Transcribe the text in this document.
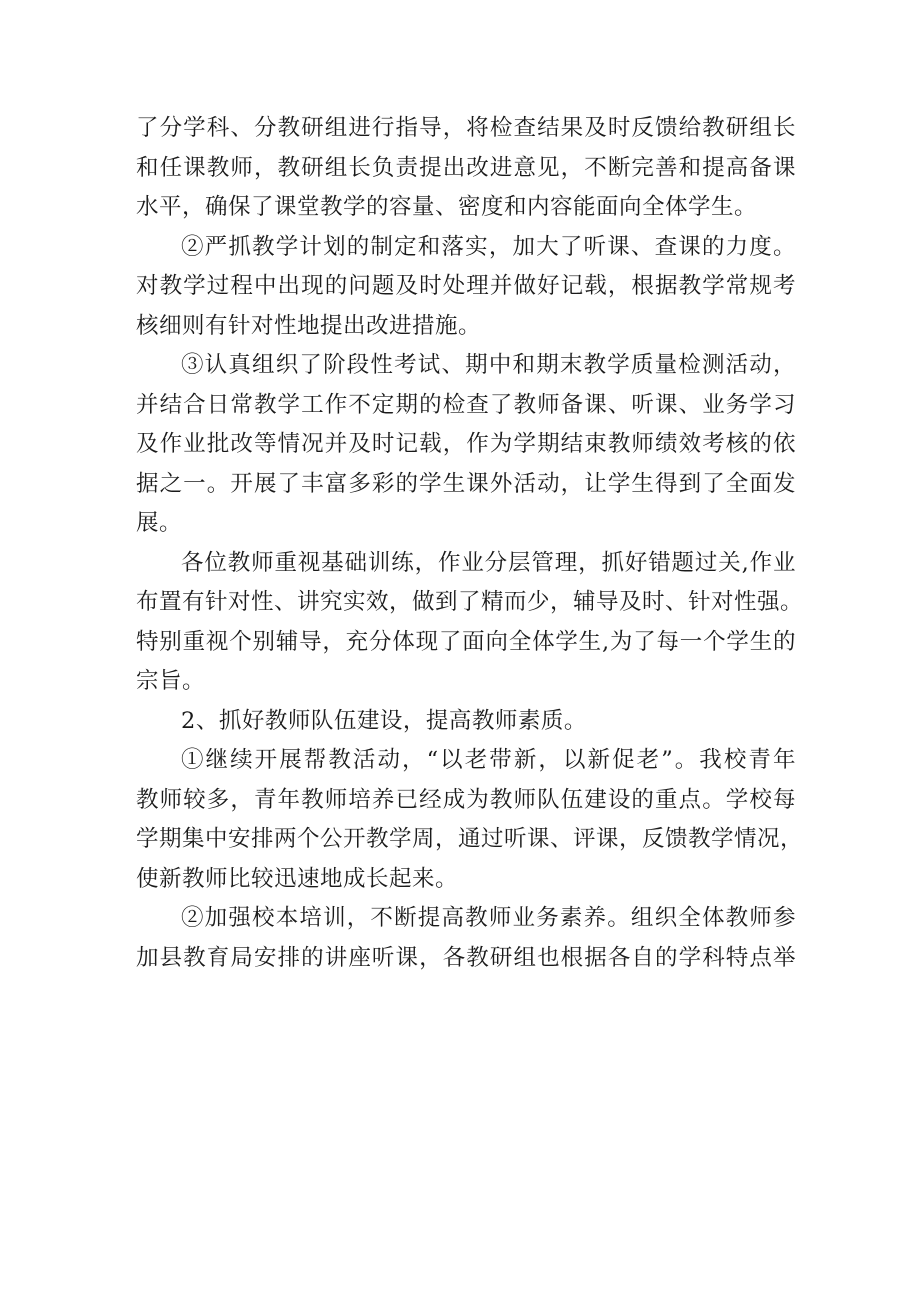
了分学科、分教研组进行指导，将检查结果及时反馈给教研组长
和任课教师，教研组长负责提出改进意见，不断完善和提高备课
水平，确保了课堂教学的容量、密度和内容能面向全体学生。
②严抓教学计划的制定和落实，加大了听课、查课的力度。
对教学过程中出现的问题及时处理并做好记载，根据教学常规考
核细则有针对性地提出改进措施。
③认真组织了阶段性考试、期中和期末教学质量检测活动，
并结合日常教学工作不定期的检查了教师备课、听课、业务学习
及作业批改等情况并及时记载，作为学期结束教师绩效考核的依
据之一。开展了丰富多彩的学生课外活动，让学生得到了全面发
展。
各位教师重视基础训练，作业分层管理，抓好错题过关,作业
布置有针对性、讲究实效，做到了精而少，辅导及时、针对性强。
特别重视个别辅导，充分体现了面向全体学生,为了每一个学生的
宗旨。
2、抓好教师队伍建设，提高教师素质。
①继续开展帮教活动，“以老带新，以新促老”。我校青年
教师较多，青年教师培养已经成为教师队伍建设的重点。学校每
学期集中安排两个公开教学周，通过听课、评课，反馈教学情况，
使新教师比较迅速地成长起来。
②加强校本培训，不断提高教师业务素养。组织全体教师参
加县教育局安排的讲座听课，各教研组也根据各自的学科特点举
